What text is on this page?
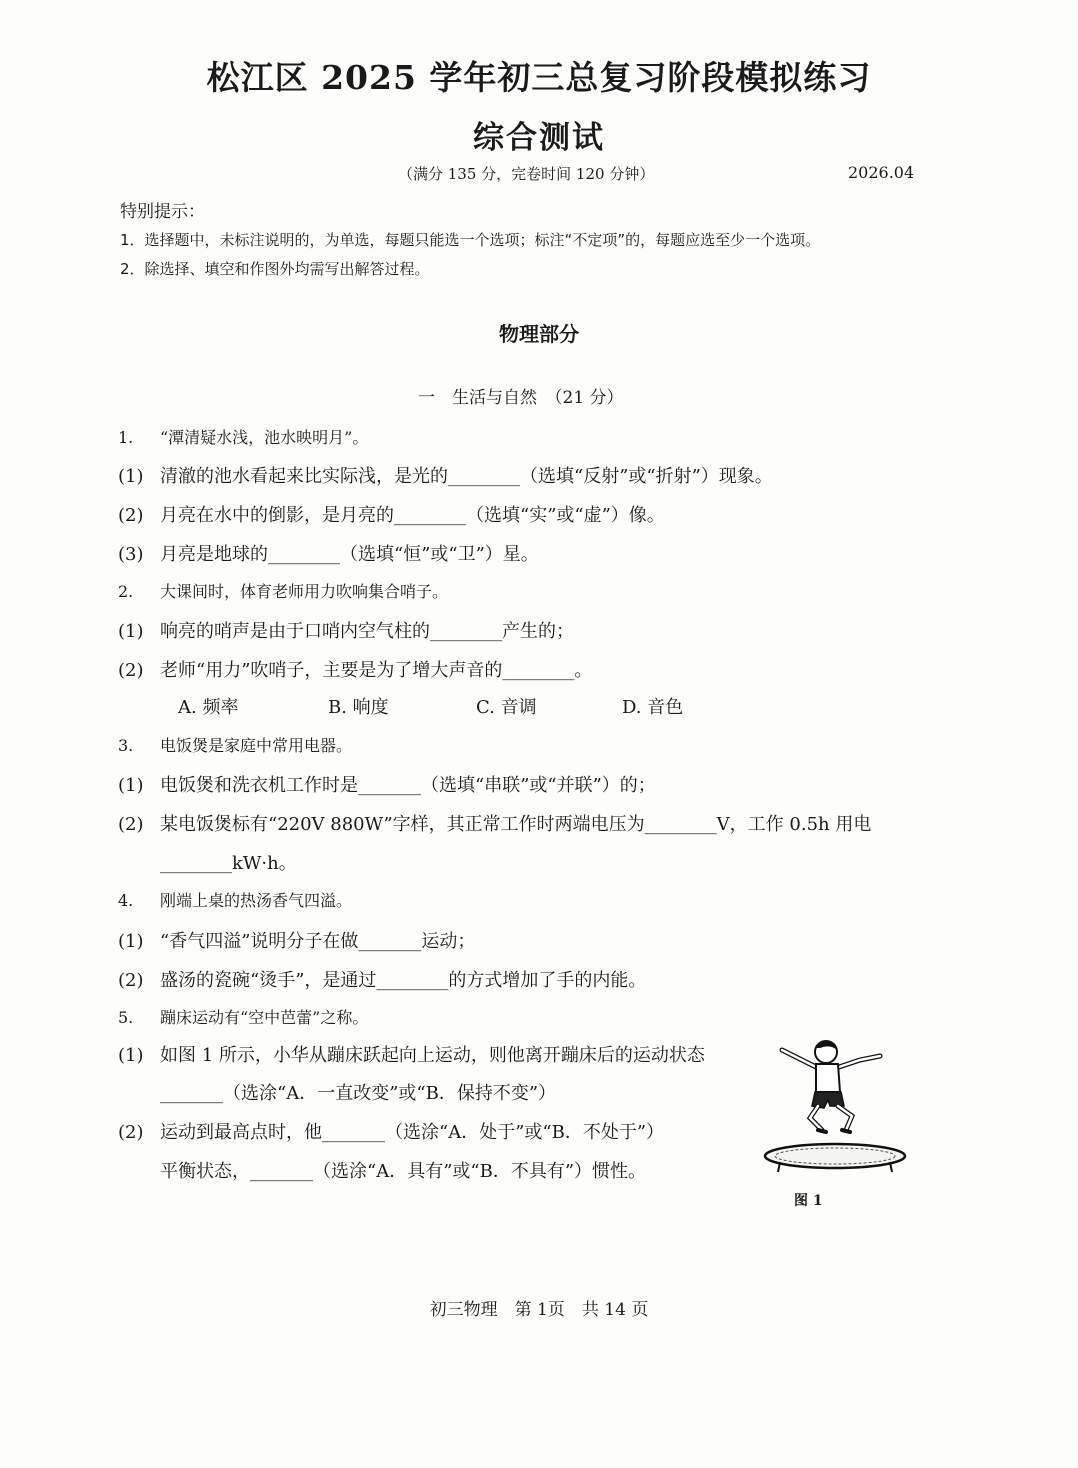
松江区 2025 学年初三总复习阶段模拟练习
综合测试
（满分 135 分，完卷时间 120 分钟）	2026.04
特别提示：
1．选择题中，未标注说明的，为单选，每题只能选一个选项；标注“不定项”的，每题应选至少一个选项。
2．除选择、填空和作图外均需写出解答过程。
物理部分
一　生活与自然　（21 分）
1. “潭清疑水浅，池水映明月”。
(1) 清澈的池水看起来比实际浅，是光的________（选填“反射”或“折射”）现象。
(2) 月亮在水中的倒影，是月亮的________（选填“实”或“虚”）像。
(3) 月亮是地球的________（选填“恒”或“卫”）星。
2. 大课间时，体育老师用力吹响集合哨子。
(1) 响亮的哨声是由于口哨内空气柱的________产生的；
(2) 老师“用力”吹哨子，主要是为了增大声音的________。
A. 频率	B. 响度	C. 音调	D. 音色
3. 电饭煲是家庭中常用电器。
(1) 电饭煲和洗衣机工作时是_______（选填“串联”或“并联”）的；
(2) 某电饭煲标有“220V 880W”字样，其正常工作时两端电压为________V，工作 0.5h 用电
________kW·h。
4. 刚端上桌的热汤香气四溢。
(1) “香气四溢”说明分子在做_______运动；
(2) 盛汤的瓷碗“烫手”，是通过________的方式增加了手的内能。
5. 蹦床运动有“空中芭蕾”之称。
(1) 如图 1 所示，小华从蹦床跃起向上运动，则他离开蹦床后的运动状态
_______（选涂“A．一直改变”或“B．保持不变”）
(2) 运动到最高点时，他_______（选涂“A．处于”或“B．不处于”）
平衡状态，_______（选涂“A．具有”或“B．不具有”）惯性。
图 1
初三物理　第 1页　共 14 页
